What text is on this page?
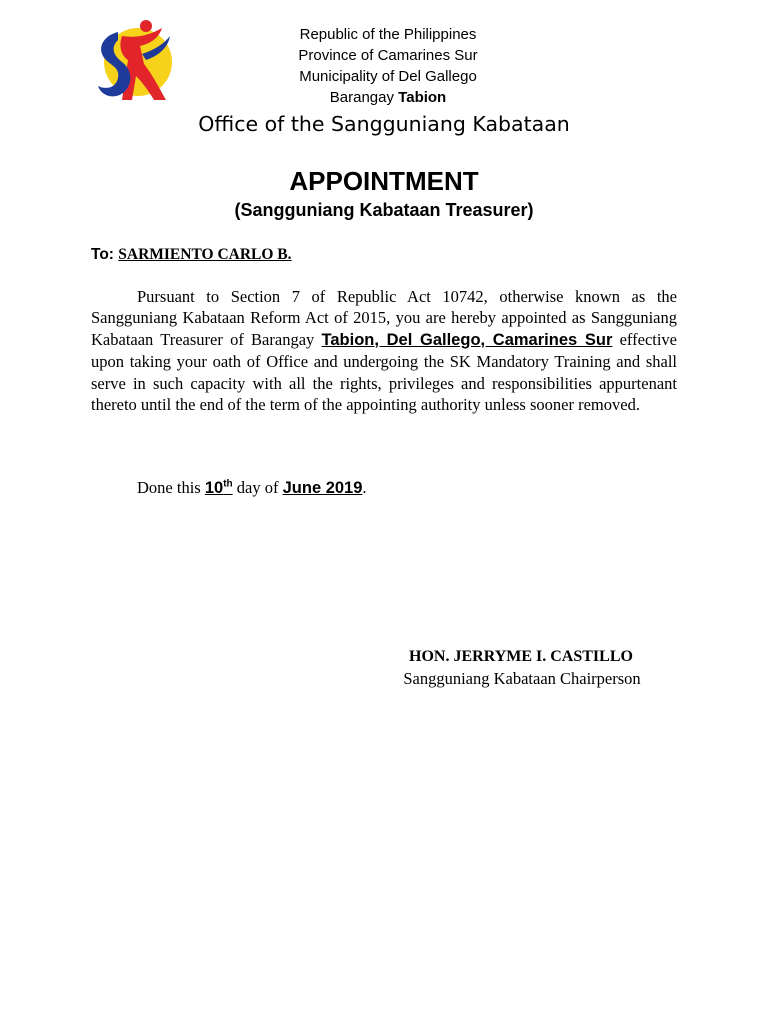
Republic of the Philippines
Province of Camarines Sur
Municipality of Del Gallego
Barangay Tabion
Office of the Sangguniang Kabataan
APPOINTMENT
(Sangguniang Kabataan Treasurer)
To: SARMIENTO CARLO B.

Pursuant to Section 7 of Republic Act 10742, otherwise known as the Sangguniang Kabataan Reform Act of 2015, you are hereby appointed as Sangguniang Kabataan Treasurer of Barangay Tabion, Del Gallego, Camarines Sur effective upon taking your oath of Office and undergoing the SK Mandatory Training and shall serve in such capacity with all the rights, privileges and responsibilities appurtenant thereto until the end of the term of the appointing authority unless sooner removed.

Done this 10th day of June 2019.
HON. JERRYME I. CASTILLO
Sangguniang Kabataan Chairperson
